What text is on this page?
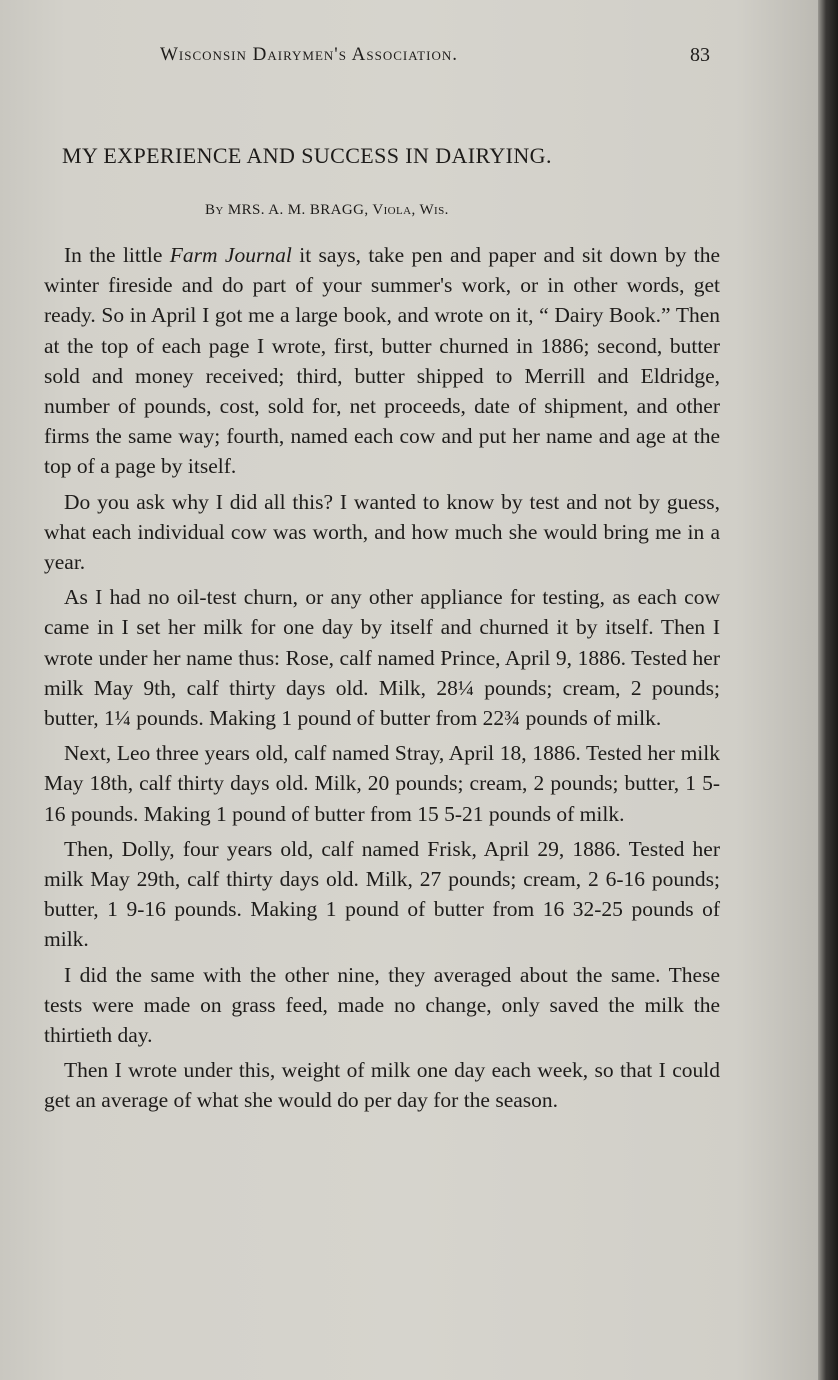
Wisconsin Dairymen's Association.	83
MY EXPERIENCE AND SUCCESS IN DAIRYING.
By MRS. A. M. BRAGG, Viola, Wis.

In the little Farm Journal it says, take pen and paper and sit down by the winter fireside and do part of your summer's work, or in other words, get ready. So in April I got me a large book, and wrote on it, “ Dairy Book.” Then at the top of each page I wrote, first, butter churned in 1886; second, butter sold and money received; third, butter shipped to Merrill and Eldridge, number of pounds, cost, sold for, net proceeds, date of shipment, and other firms the same way; fourth, named each cow and put her name and age at the top of a page by itself.

Do you ask why I did all this? I wanted to know by test and not by guess, what each individual cow was worth, and how much she would bring me in a year.

As I had no oil-test churn, or any other appliance for testing, as each cow came in I set her milk for one day by itself and churned it by itself. Then I wrote under her name thus: Rose, calf named Prince, April 9, 1886. Tested her milk May 9th, calf thirty days old. Milk, 28¼ pounds; cream, 2 pounds; butter, 1¼ pounds. Making 1 pound of butter from 22¾ pounds of milk.

Next, Leo three years old, calf named Stray, April 18, 1886. Tested her milk May 18th, calf thirty days old. Milk, 20 pounds; cream, 2 pounds; butter, 1 5-16 pounds. Making 1 pound of butter from 15 5-21 pounds of milk.

Then, Dolly, four years old, calf named Frisk, April 29, 1886. Tested her milk May 29th, calf thirty days old. Milk, 27 pounds; cream, 2 6-16 pounds; butter, 1 9-16 pounds. Making 1 pound of butter from 16 32-25 pounds of milk.

I did the same with the other nine, they averaged about the same. These tests were made on grass feed, made no change, only saved the milk the thirtieth day.

Then I wrote under this, weight of milk one day each week, so that I could get an average of what she would do per day for the season.
